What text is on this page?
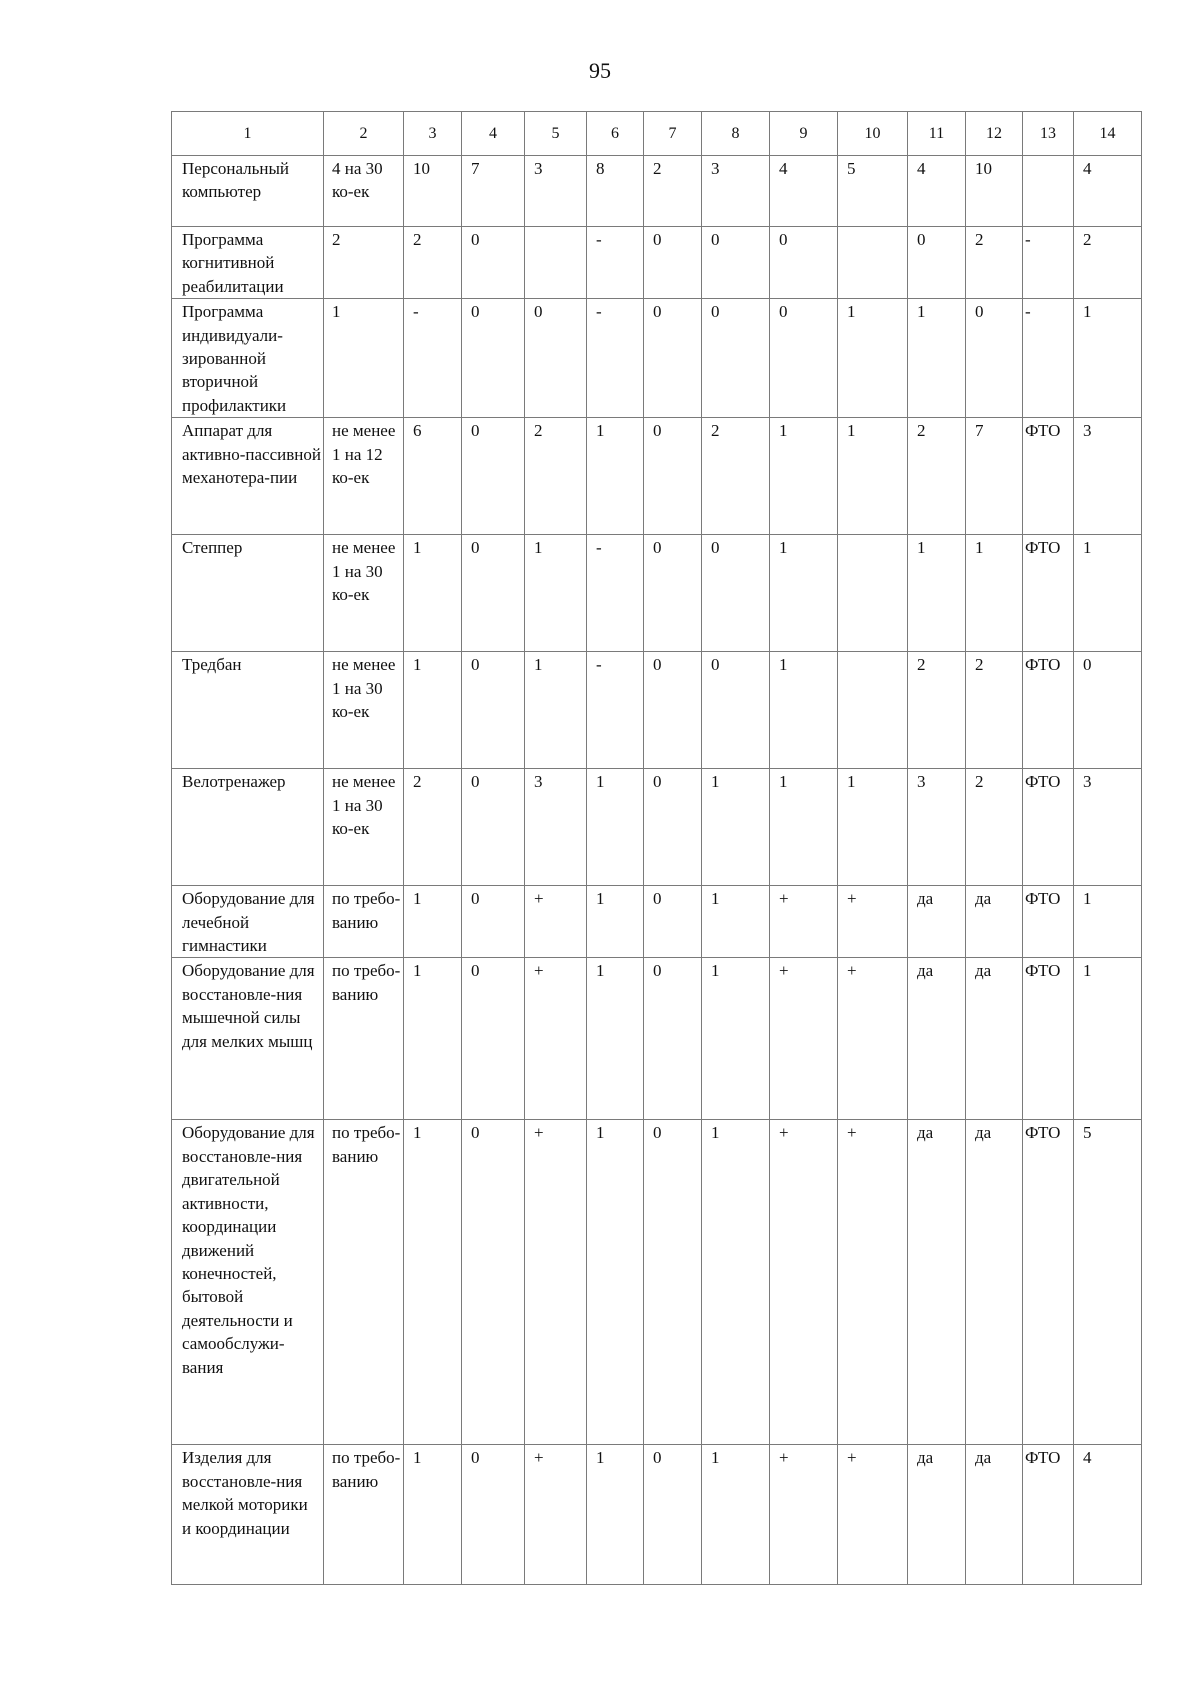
95
1	2	3	4	5	6	7	8	9	10	11	12	13	14
Персональный компьютер	4 на 30 ко-ек	10	7	3	8	2	3	4	5	4	10		4
Программа когнитивной реабилитации	2	2	0		-	0	0	0		0	2	-	2
Программа индивидуали-зированной вторичной профилактики	1	-	0	0	-	0	0	0	1	1	0	-	1
Аппарат для активно-пассивной механотера-пии	не менее 1 на 12 ко-ек	6	0	2	1	0	2	1	1	2	7	ФТО	3
Степпер	не менее 1 на 30 ко-ек	1	0	1	-	0	0	1		1	1	ФТО	1
Тредбан	не менее 1 на 30 ко-ек	1	0	1	-	0	0	1		2	2	ФТО	0
Велотренажер	не менее 1 на 30 ко-ек	2	0	3	1	0	1	1	1	3	2	ФТО	3
Оборудование для лечебной гимнастики	по требо-ванию	1	0	+	1	0	1	+	+	да	да	ФТО	1
Оборудование для восстановле-ния мышечной силы для мелких мышц	по требо-ванию	1	0	+	1	0	1	+	+	да	да	ФТО	1
Оборудование для восстановле-ния двигательной активности, координации движений конечностей, бытовой деятельности и самообслужи-вания	по требо-ванию	1	0	+	1	0	1	+	+	да	да	ФТО	5
Изделия для восстановле-ния мелкой моторики и координации	по требо-ванию	1	0	+	1	0	1	+	+	да	да	ФТО	4
